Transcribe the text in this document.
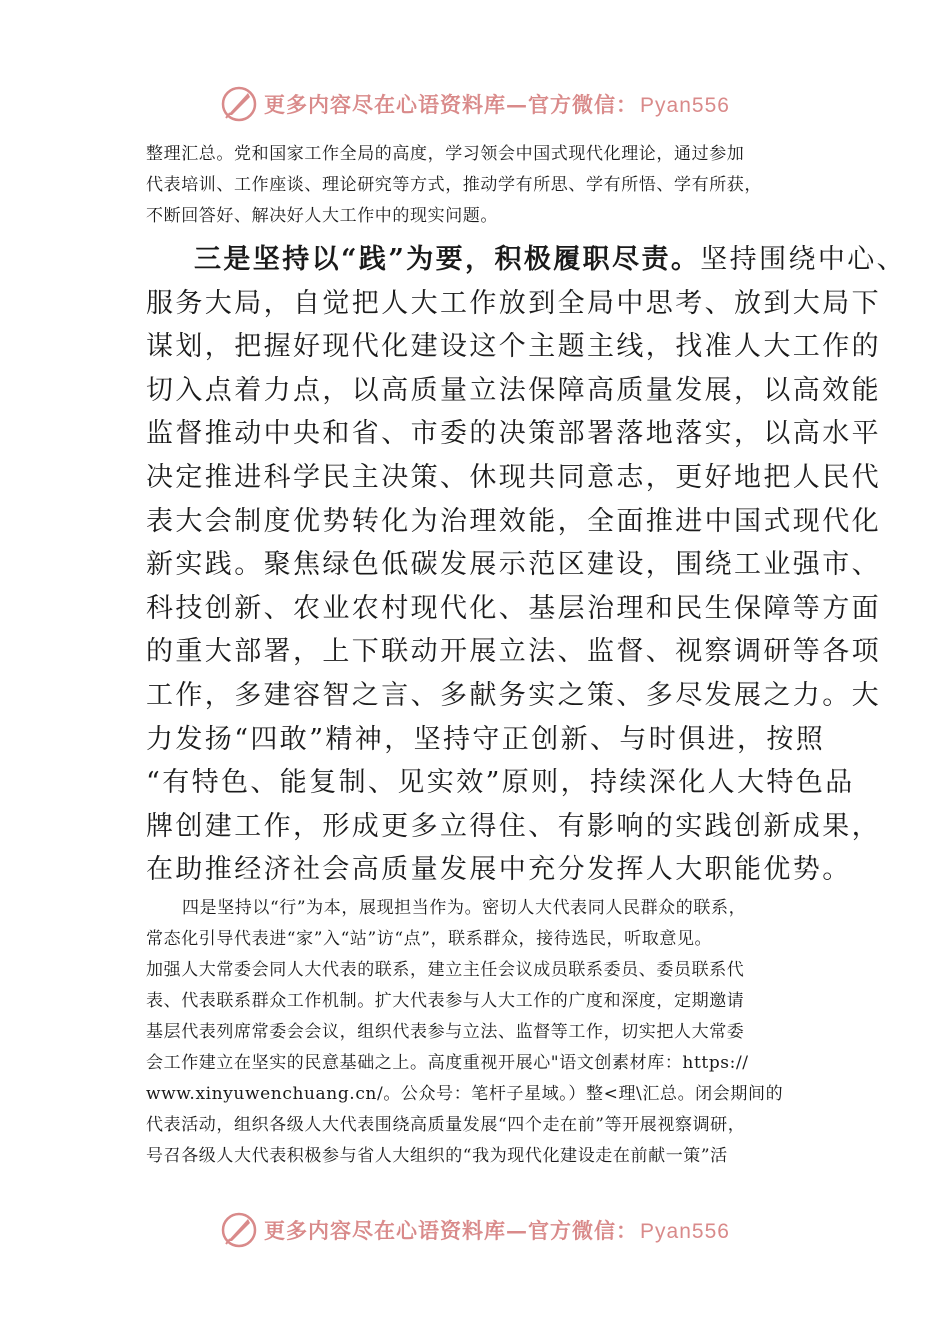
更多内容尽在心语资料库—官方微信：Pyan556
整理汇总。党和国家工作全局的高度，学习领会中国式现代化理论，通过参加
代表培训、工作座谈、理论研究等方式，推动学有所思、学有所悟、学有所获，
不断回答好、解决好人大工作中的现实问题。
三是坚持以“践”为要，积极履职尽责。坚持围绕中心、
服务大局，自觉把人大工作放到全局中思考、放到大局下
谋划，把握好现代化建设这个主题主线，找准人大工作的
切入点着力点，以高质量立法保障高质量发展，以高效能
监督推动中央和省、市委的决策部署落地落实，以高水平
决定推进科学民主决策、休现共同意志，更好地把人民代
表大会制度优势转化为治理效能，全面推进中国式现代化
新实践。聚焦绿色低碳发展示范区建设，围绕工业强市、
科技创新、农业农村现代化、基层治理和民生保障等方面
的重大部署，上下联动开展立法、监督、视察调研等各项
工作，多建容智之言、多献务实之策、多尽发展之力。大
力发扬“四敢”精神，坚持守正创新、与时俱进，按照
“有特色、能复制、见实效”原则，持续深化人大特色品
牌创建工作，形成更多立得住、有影响的实践创新成果，
在助推经济社会高质量发展中充分发挥人大职能优势。
四是坚持以“行”为本，展现担当作为。密切人大代表同人民群众的联系，
常态化引导代表进“家”入“站”访“点”，联系群众，接待选民，听取意见。
加强人大常委会同人大代表的联系，建立主任会议成员联系委员、委员联系代
表、代表联系群众工作机制。扩大代表参与人大工作的广度和深度，定期邀请
基层代表列席常委会会议，组织代表参与立法、监督等工作，切实把人大常委
会工作建立在坚实的民意基础之上。高度重视开展心"语文创素材库：https://
www.xinyuwenchuang.cn/。公众号：笔杆子星域。）整<理\汇总。闭会期间的
代表活动，组织各级人大代表围绕高质量发展“四个走在前”等开展视察调研，
号召各级人大代表积极参与省人大组织的“我为现代化建设走在前献一策”活
更多内容尽在心语资料库—官方微信：Pyan556
